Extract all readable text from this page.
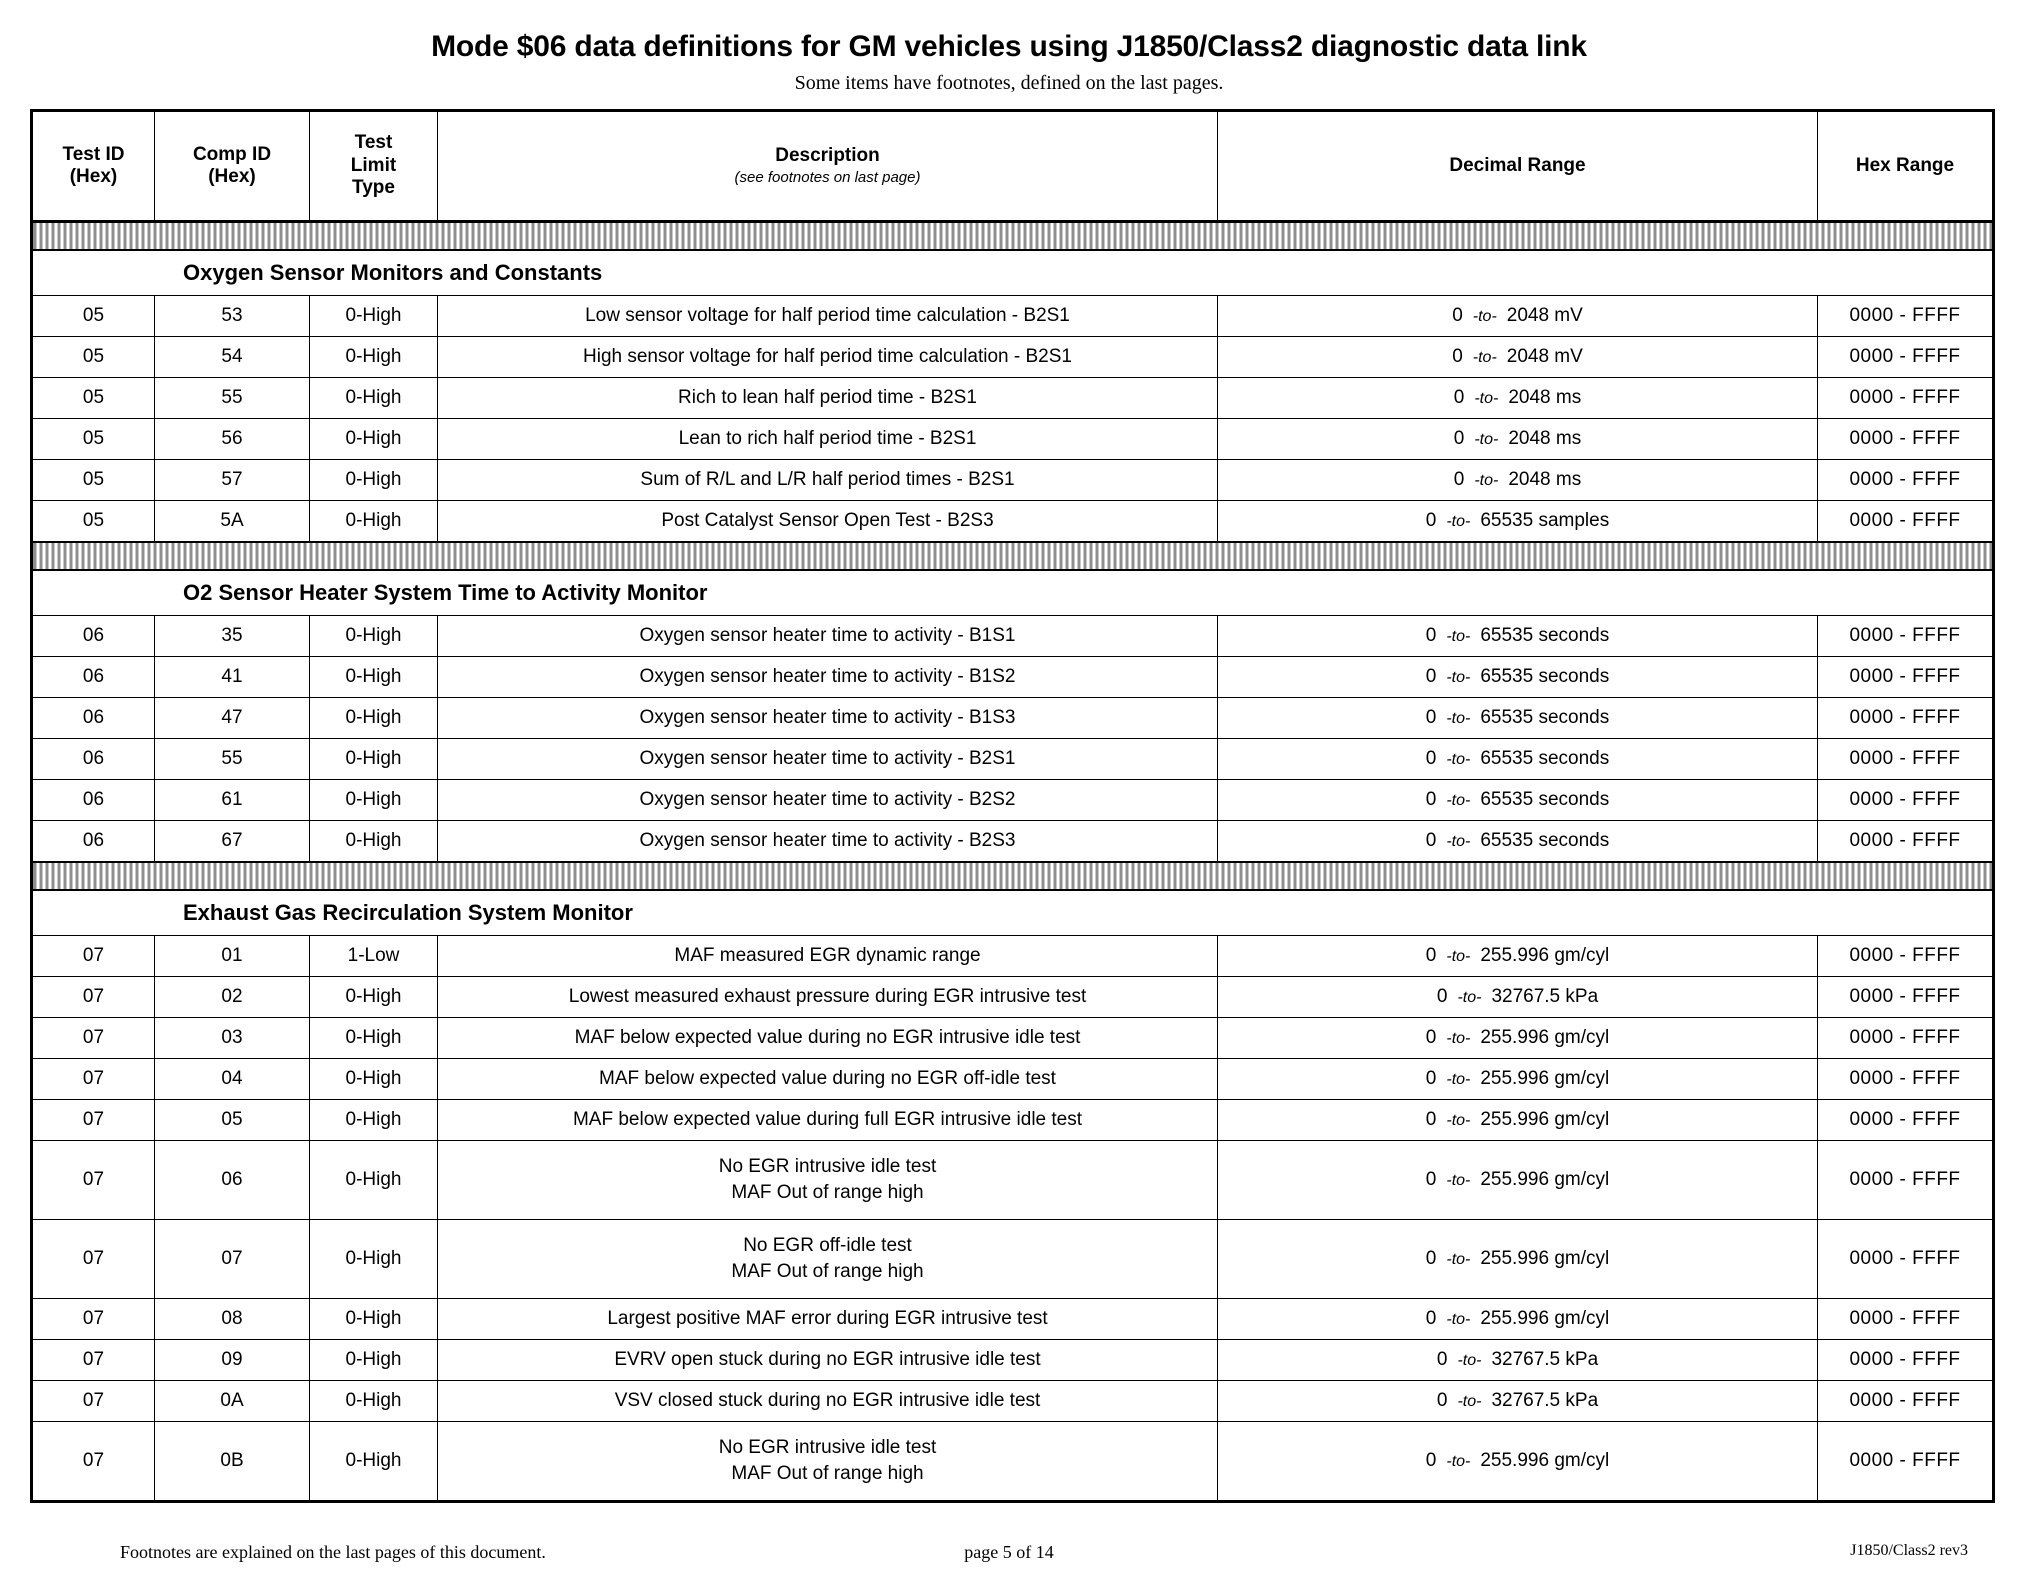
Mode $06 data definitions for GM vehicles using J1850/Class2 diagnostic data link
Some items have footnotes, defined on the last pages.
Test ID
(Hex)	Comp ID
(Hex)	Test
Limit
Type	Description
(see footnotes on last page)	Decimal Range	Hex Range

Oxygen Sensor Monitors and Constants					
05	53	0-High	Low sensor voltage for half period time calculation - B2S1	0 -to- 2048 mV	0000 - FFFF
05	54	0-High	High sensor voltage for half period time calculation - B2S1	0 -to- 2048 mV	0000 - FFFF
05	55	0-High	Rich to lean half period time - B2S1	0 -to- 2048 ms	0000 - FFFF
05	56	0-High	Lean to rich half period time - B2S1	0 -to- 2048 ms	0000 - FFFF
05	57	0-High	Sum of R/L and L/R half period times - B2S1	0 -to- 2048 ms	0000 - FFFF
05	5A	0-High	Post Catalyst Sensor Open Test - B2S3	0 -to- 65535 samples	0000 - FFFF

O2 Sensor Heater System Time to Activity Monitor					
06	35	0-High	Oxygen sensor heater time to activity - B1S1	0 -to- 65535 seconds	0000 - FFFF
06	41	0-High	Oxygen sensor heater time to activity - B1S2	0 -to- 65535 seconds	0000 - FFFF
06	47	0-High	Oxygen sensor heater time to activity - B1S3	0 -to- 65535 seconds	0000 - FFFF
06	55	0-High	Oxygen sensor heater time to activity - B2S1	0 -to- 65535 seconds	0000 - FFFF
06	61	0-High	Oxygen sensor heater time to activity - B2S2	0 -to- 65535 seconds	0000 - FFFF
06	67	0-High	Oxygen sensor heater time to activity - B2S3	0 -to- 65535 seconds	0000 - FFFF

Exhaust Gas Recirculation System Monitor					
07	01	1-Low	MAF measured EGR dynamic range	0 -to- 255.996 gm/cyl	0000 - FFFF
07	02	0-High	Lowest measured exhaust pressure during EGR intrusive test	0 -to- 32767.5 kPa	0000 - FFFF
07	03	0-High	MAF below expected value during no EGR intrusive idle test	0 -to- 255.996 gm/cyl	0000 - FFFF
07	04	0-High	MAF below expected value during no EGR off-idle test	0 -to- 255.996 gm/cyl	0000 - FFFF
07	05	0-High	MAF below expected value during full EGR intrusive idle test	0 -to- 255.996 gm/cyl	0000 - FFFF
07	06	0-High	No EGR intrusive idle test
MAF Out of range high	0 -to- 255.996 gm/cyl	0000 - FFFF
07	07	0-High	No EGR off-idle test
MAF Out of range high	0 -to- 255.996 gm/cyl	0000 - FFFF
07	08	0-High	Largest positive MAF error during EGR intrusive test	0 -to- 255.996 gm/cyl	0000 - FFFF
07	09	0-High	EVRV open stuck during no EGR intrusive idle test	0 -to- 32767.5 kPa	0000 - FFFF
07	0A	0-High	VSV closed stuck during no EGR intrusive idle test	0 -to- 32767.5 kPa	0000 - FFFF
07	0B	0-High	No EGR intrusive idle test
MAF Out of range high	0 -to- 255.996 gm/cyl	0000 - FFFF
Footnotes are explained on the last pages of this document.	page 5 of 14	J1850/Class2 rev3
